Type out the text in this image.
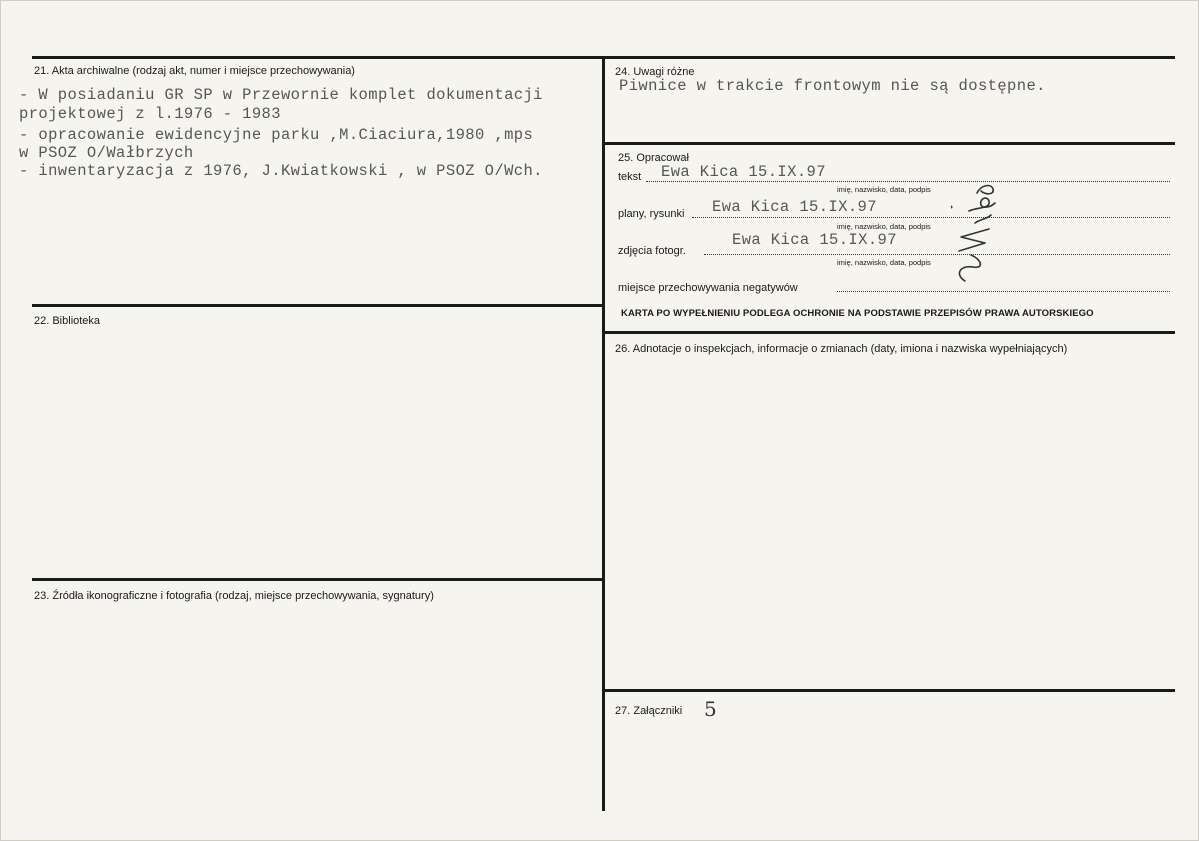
21. Akta archiwalne (rodzaj akt, numer i miejsce przechowywania)
- W posiadaniu GR SP w Przewornie komplet dokumentacji
projektowej z l.1976 - 1983
- opracowanie ewidencyjne parku ,M.Ciaciura,1980 ,mps
w PSOZ O/Wałbrzych
- inwentaryzacja z 1976, J.Kwiatkowski , w PSOZ O/Wch.
22. Biblioteka
23. Źródła ikonograficzne i fotografia (rodzaj, miejsce przechowywania, sygnatury)
24. Uwagi różne
Piwnice w trakcie frontowym nie są dostępne.
25. Opracował
tekst Ewa Kica 15.IX.97
imię, nazwisko, data, podpis
plany, rysunki Ewa Kica 15.IX.97
imię, nazwisko, data, podpis
zdjęcia fotogr.
Ewa Kica 15.IX.97
imię, nazwisko, data, podpis
miejsce przechowywania negatywów
KARTA PO WYPEŁNIENIU PODLEGA OCHRONIE NA PODSTAWIE PRZEPISÓW PRAWA AUTORSKIEGO
26. Adnotacje o inspekcjach, informacje o zmianach (daty, imiona i nazwiska wypełniających)
27. Załączniki 5
